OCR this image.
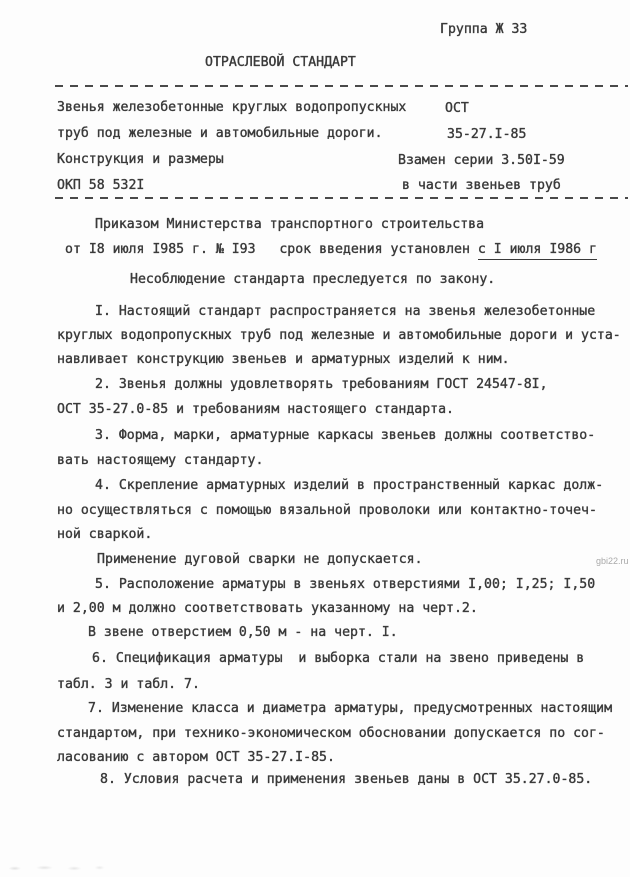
Группа Ж 33
ОТРАСЛЕВОЙ СТАНДАРТ
Звенья железобетонные круглых водопропускных
труб под железные и автомобильные дороги.
Конструкция и размеры
ОКП 58 532I
ОСТ
35-27.I-85
Взамен серии 3.50I-59
в части звеньев труб
Приказом Министерства транспортного строительства
от I8 июля I985 г. № I93   срок введения установлен с I июля I986 г
Несоблюдение стандарта преследуется по закону.
I. Настоящий стандарт распространяется на звенья железобетонные
круглых водопропускных труб под железные и автомобильные дороги и уста-
навливает конструкцию звеньев и арматурных изделий к ним.
2. Звенья должны удовлетворять требованиям ГОСТ 24547-8I,
ОСТ 35-27.0-85 и требованиям настоящего стандарта.
3. Форма, марки, арматурные каркасы звеньев должны соответство-
вать настоящему стандарту.
4. Скрепление арматурных изделий в пространственный каркас долж-
но осуществляться с помощью вязальной проволоки или контактно-точеч-
ной сваркой.
Применение дуговой сварки не допускается.
5. Расположение арматуры в звеньях отверстиями I,00; I,25; I,50
и 2,00 м должно соответствовать указанному на черт.2.
В звене отверстием 0,50 м - на черт. I.
6. Спецификация арматуры  и выборка стали на звено приведены в
табл. 3 и табл. 7.
7. Изменение класса и диаметра арматуры, предусмотренных настоящим
стандартом, при технико-экономическом обосновании допускается по сог-
ласованию с автором ОСТ 35-27.I-85.
8. Условия расчета и применения звеньев даны в ОСТ 35.27.0-85.
gbi22.ru
